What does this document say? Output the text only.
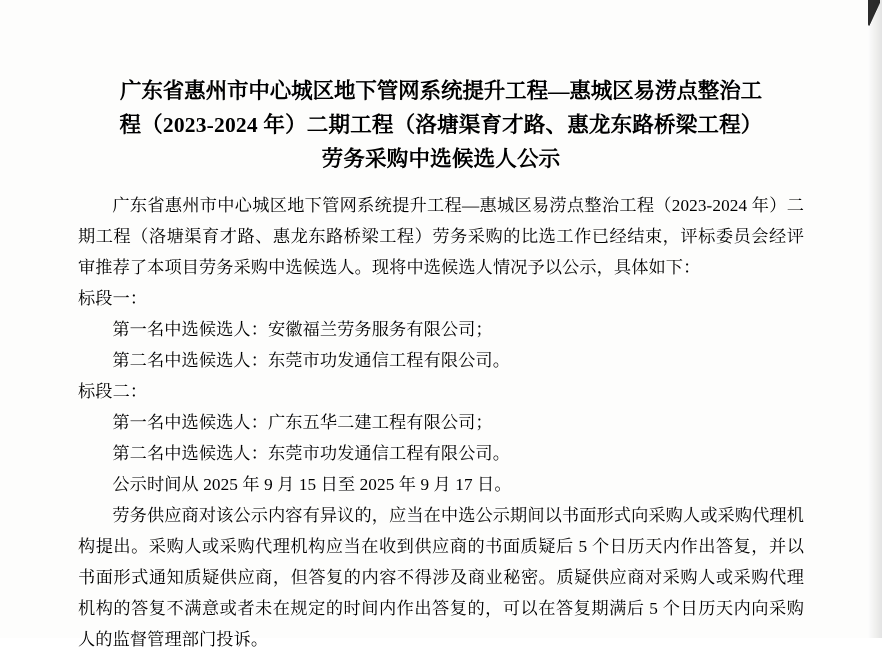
广东省惠州市中心城区地下管网系统提升工程—惠城区易涝点整治工
程（2023-2024 年）二期工程（洛塘渠育才路、惠龙东路桥梁工程）
劳务采购中选候选人公示

广东省惠州市中心城区地下管网系统提升工程—惠城区易涝点整治工程（2023-2024 年）二期工程（洛塘渠育才路、惠龙东路桥梁工程）劳务采购的比选工作已经结束，评标委员会经评审推荐了本项目劳务采购中选候选人。现将中选候选人情况予以公示，具体如下：

标段一：

第一名中选候选人：安徽福兰劳务服务有限公司；

第二名中选候选人：东莞市功发通信工程有限公司。

标段二：

第一名中选候选人：广东五华二建工程有限公司；

第二名中选候选人：东莞市功发通信工程有限公司。

公示时间从 2025 年 9 月 15 日至 2025 年 9 月 17 日。

劳务供应商对该公示内容有异议的，应当在中选公示期间以书面形式向采购人或采购代理机构提出。采购人或采购代理机构应当在收到供应商的书面质疑后 5 个日历天内作出答复，并以书面形式通知质疑供应商，但答复的内容不得涉及商业秘密。质疑供应商对采购人或采购代理机构的答复不满意或者未在规定的时间内作出答复的，可以在答复期满后 5 个日历天内向采购人的监督管理部门投诉。
